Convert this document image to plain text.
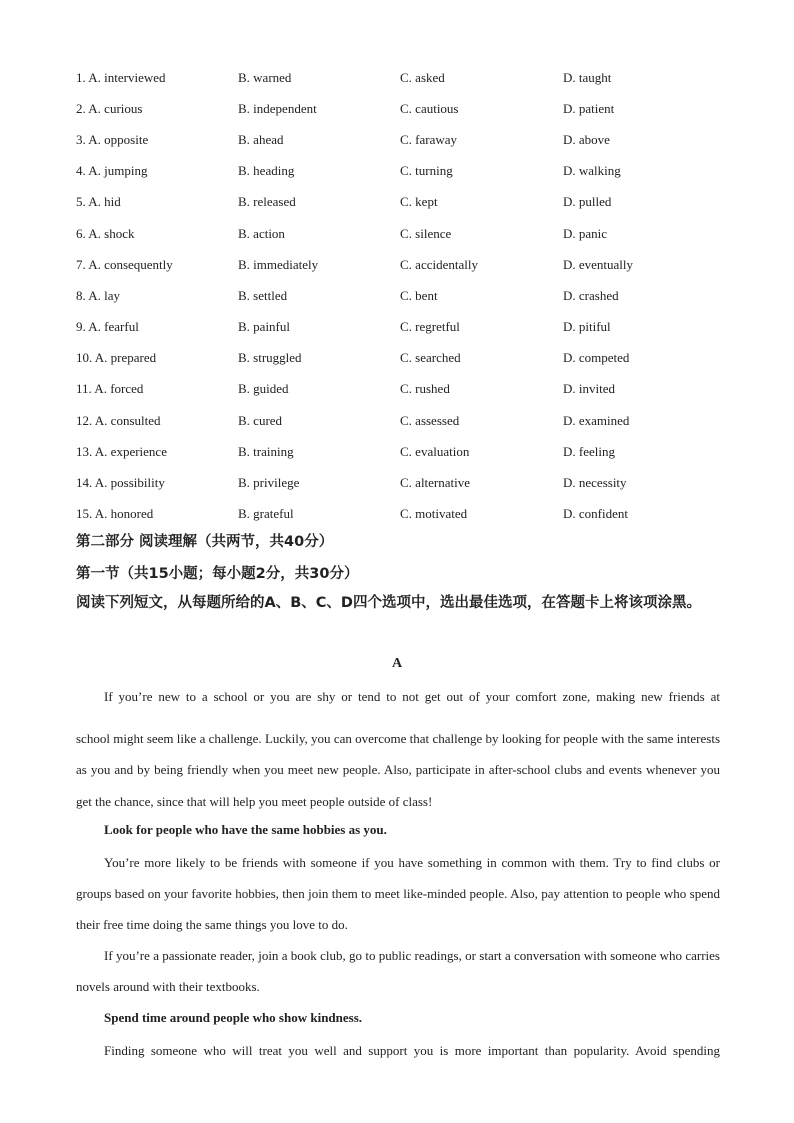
1. A. interviewed	B. warned	C. asked	D. taught
2. A. curious	B. independent	C. cautious	D. patient
3. A. opposite	B. ahead	C. faraway	D. above
4. A. jumping	B. heading	C. turning	D. walking
5. A. hid	B. released	C. kept	D. pulled
6. A. shock	B. action	C. silence	D. panic
7. A. consequently	B. immediately	C. accidentally	D. eventually
8. A. lay	B. settled	C. bent	D. crashed
9. A. fearful	B. painful	C. regretful	D. pitiful
10. A. prepared	B. struggled	C. searched	D. competed
11. A. forced	B. guided	C. rushed	D. invited
12. A. consulted	B. cured	C. assessed	D. examined
13. A. experience	B. training	C. evaluation	D. feeling
14. A. possibility	B. privilege	C. alternative	D. necessity
15. A. honored	B. grateful	C. motivated	D. confident
第二部分 阅读理解（共两节，共40分）
第一节（共15小题；每小题2分，共30分）
阅读下列短文，从每题所给的A、B、C、D四个选项中，选出最佳选项，在答题卡上将该项涂黑。
A

If you’re new to a school or you are shy or tend to not get out of your comfort zone, making new friends at
school might seem like a challenge. Luckily, you can overcome that challenge by looking for people with the same interests as you and by being friendly when you meet new people. Also, participate in after-school clubs and events whenever you get the chance, since that will help you meet people outside of class!

Look for people who have the same hobbies as you.

You’re more likely to be friends with someone if you have something in common with them. Try to find clubs or groups based on your favorite hobbies, then join them to meet like-minded people. Also, pay attention to people who spend their free time doing the same things you love to do.

If you’re a passionate reader, join a book club, go to public readings, or start a conversation with someone who carries novels around with their textbooks.

Spend time around people who show kindness.

Finding someone who will treat you well and support you is more important than popularity. Avoid spending
